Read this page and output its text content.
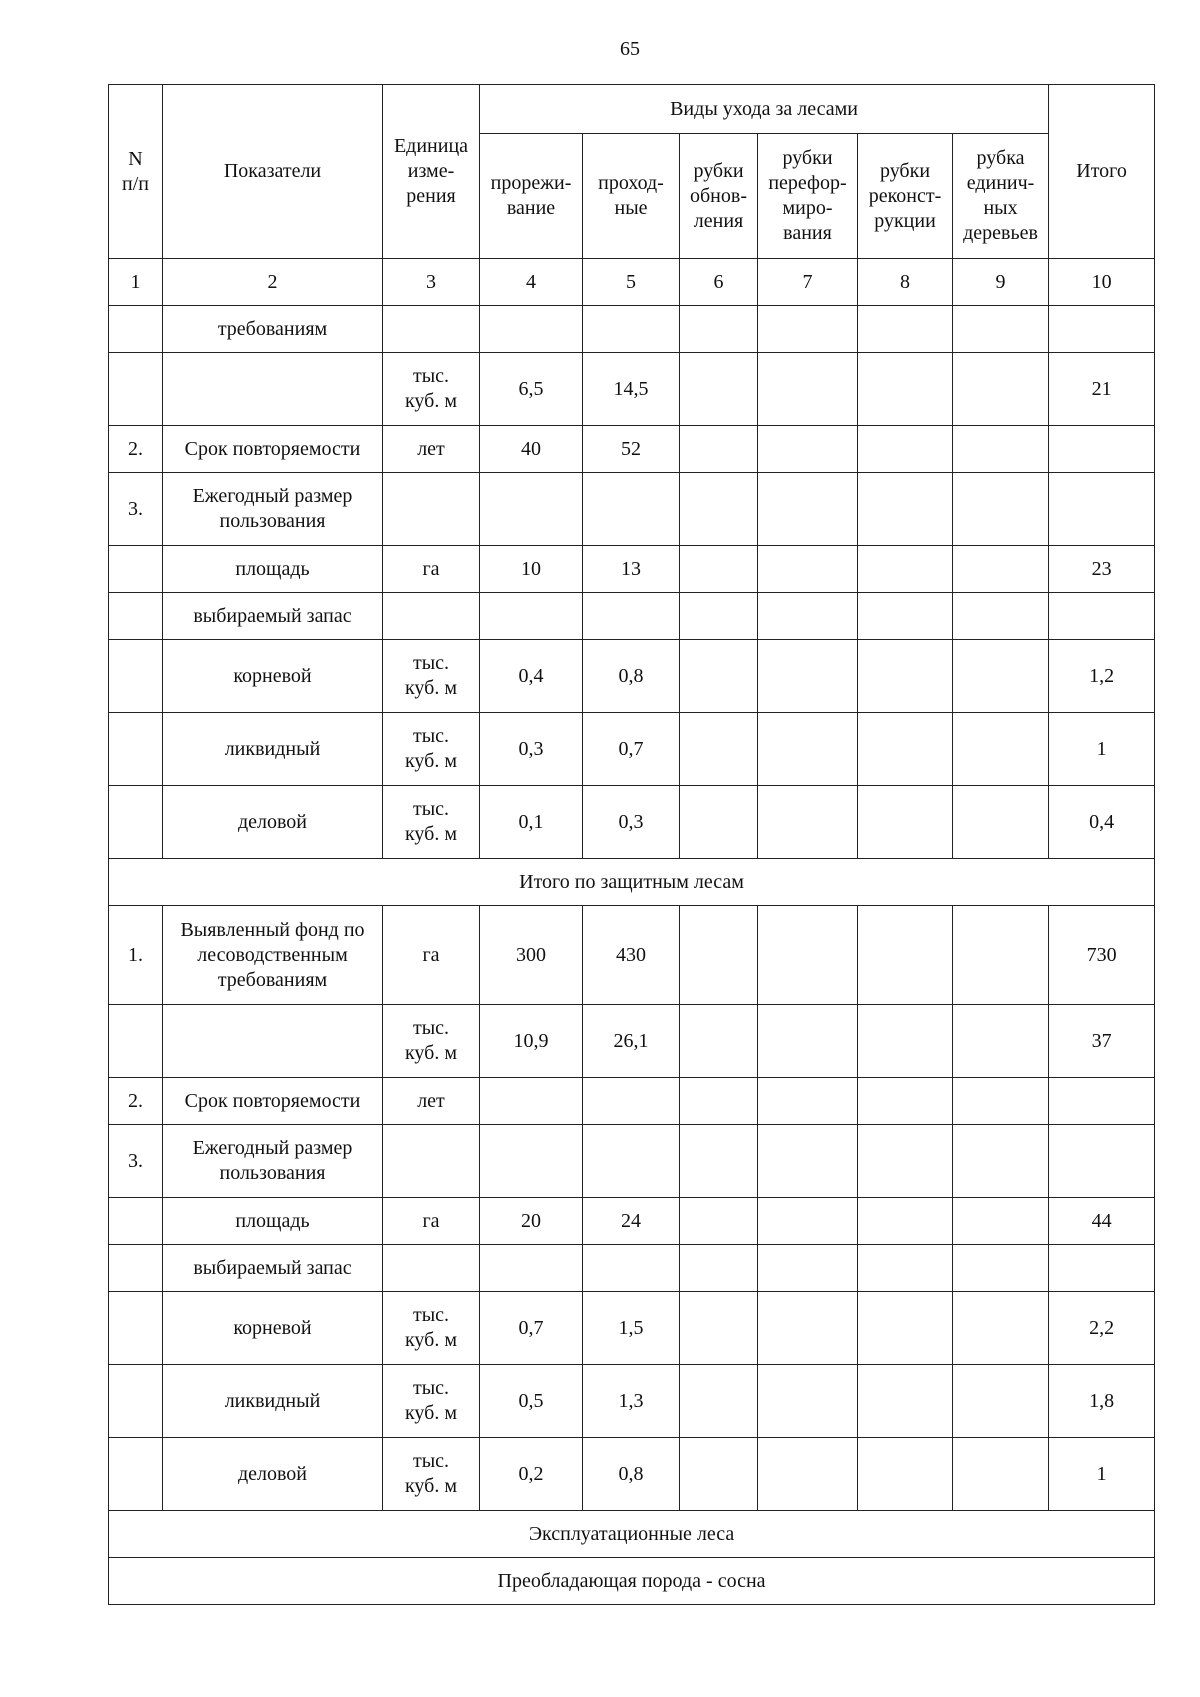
65
N
п/п	Показатели	Единица
изме-
рения	Виды ухода за лесами						Итого
			прорежи-
вание	проход-
ные	рубки
обнов-
ления	рубки
перефор-
миро-
вания	рубки
реконст-
рукции	рубка
единич-
ных
деревьев	
1	2	3	4	5	6	7	8	9	10
	требованиям								
		тыс.
куб. м	6,5	14,5					21
2.	Срок повторяемости	лет	40	52					
3.	Ежегодный размер
пользования								
	площадь	га	10	13					23
	выбираемый запас								
	корневой	тыс.
куб. м	0,4	0,8					1,2
	ликвидный	тыс.
куб. м	0,3	0,7					1
	деловой	тыс.
куб. м	0,1	0,3					0,4
Итого по защитным лесам									
1.	Выявленный фонд по
лесоводственным
требованиям	га	300	430					730
		тыс.
куб. м	10,9	26,1					37
2.	Срок повторяемости	лет							
3.	Ежегодный размер
пользования								
	площадь	га	20	24					44
	выбираемый запас								
	корневой	тыс.
куб. м	0,7	1,5					2,2
	ликвидный	тыс.
куб. м	0,5	1,3					1,8
	деловой	тыс.
куб. м	0,2	0,8					1
Эксплуатационные леса									
Преобладающая порода - сосна									
